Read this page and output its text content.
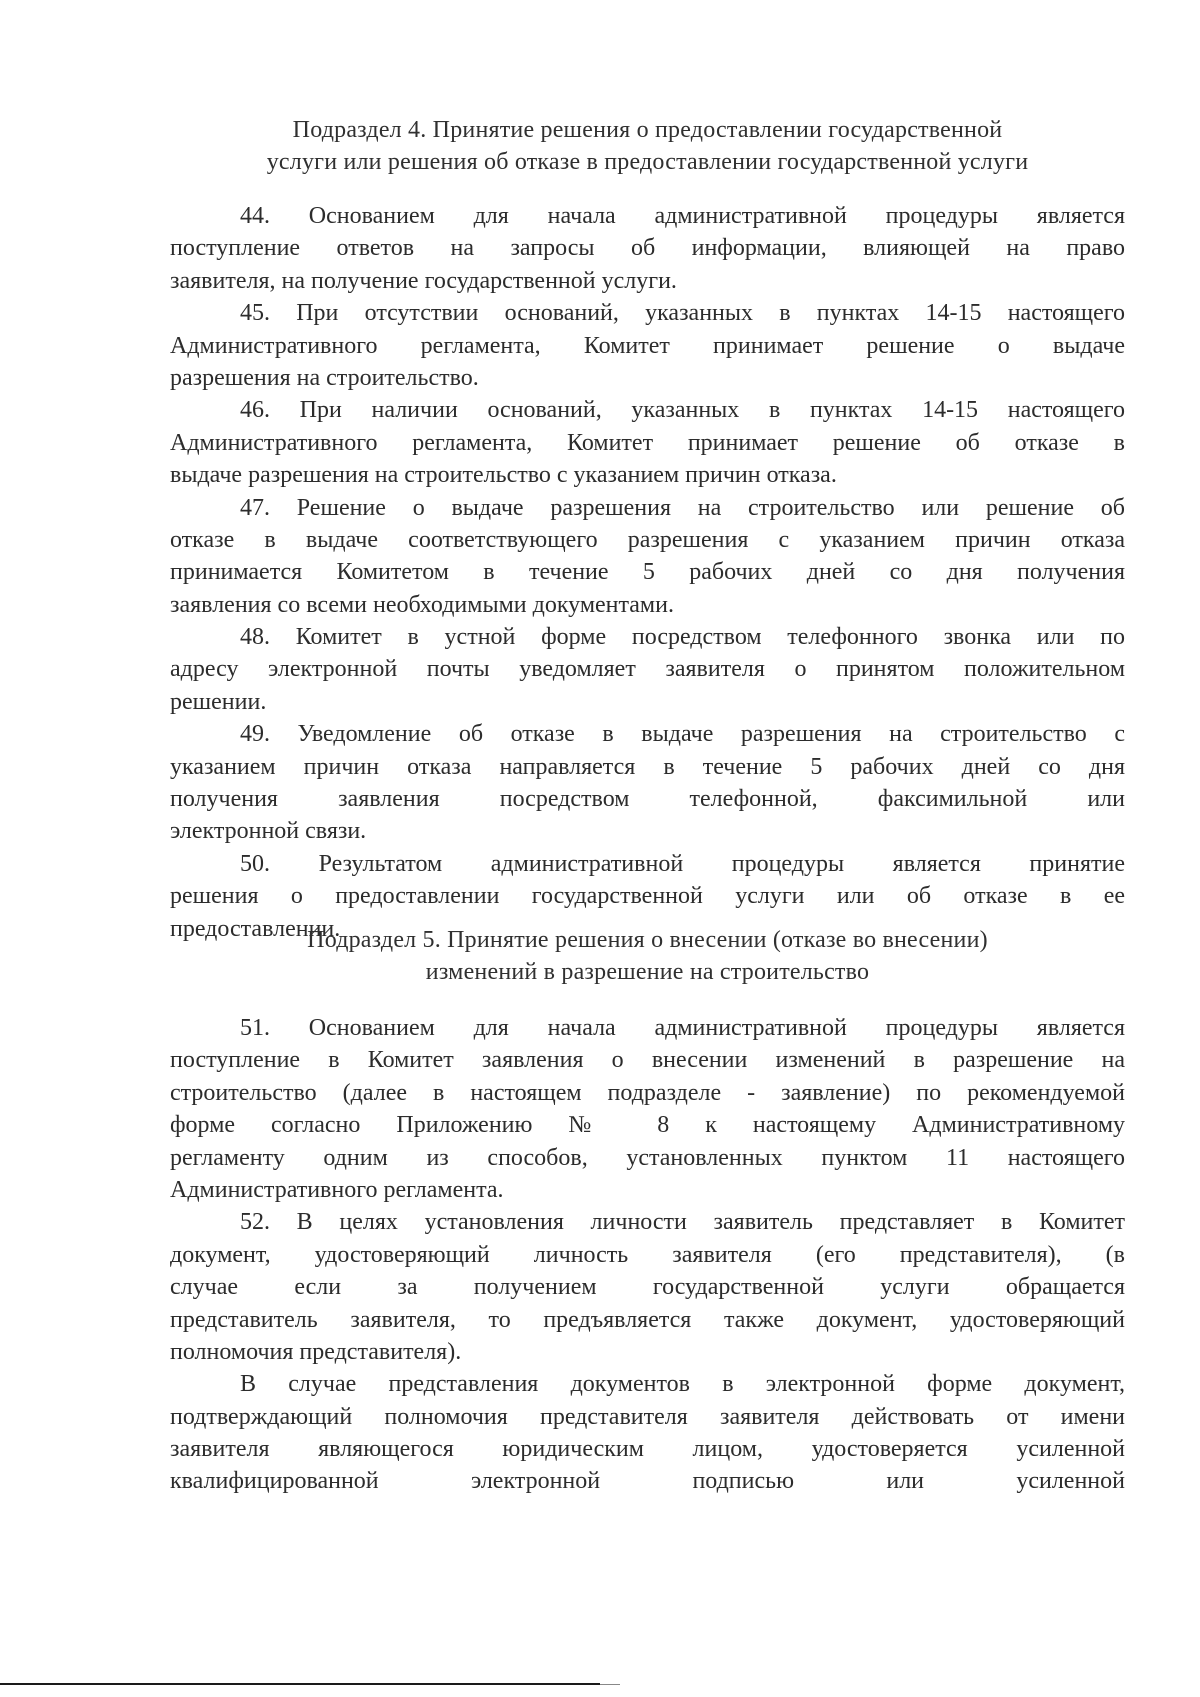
Подраздел 4. Принятие решения о предоставлении государственной
услуги или решения об отказе в предоставлении государственной услуги
44. Основанием для начала административной процедуры является
поступление ответов на запросы об информации, влияющей на право
заявителя, на получение государственной услуги.
45. При отсутствии оснований, указанных в пунктах 14-15 настоящего
Административного регламента, Комитет принимает решение о выдаче
разрешения на строительство.
46. При наличии оснований, указанных в пунктах 14-15 настоящего
Административного регламента, Комитет принимает решение об отказе в
выдаче разрешения на строительство с указанием причин отказа.
47. Решение о выдаче разрешения на строительство или решение об
отказе в выдаче соответствующего разрешения с указанием причин отказа
принимается Комитетом в течение 5 рабочих дней со дня получения
заявления со всеми необходимыми документами.
48. Комитет в устной форме посредством телефонного звонка или по
адресу электронной почты уведомляет заявителя о принятом положительном
решении.
49. Уведомление об отказе в выдаче разрешения на строительство с
указанием причин отказа направляется в течение 5 рабочих дней со дня
получения заявления посредством телефонной, факсимильной или
электронной связи.
50. Результатом административной процедуры является принятие
решения о предоставлении государственной услуги или об отказе в ее
предоставлении.
Подраздел 5. Принятие решения о внесении (отказе во внесении)
изменений в разрешение на строительство
51. Основанием для начала административной процедуры является
поступление в Комитет заявления о внесении изменений в разрешение на
строительство (далее в настоящем подразделе - заявление) по рекомендуемой
форме согласно Приложению № 8 к настоящему Административному
регламенту одним из способов, установленных пунктом 11 настоящего
Административного регламента.
52. В целях установления личности заявитель представляет в Комитет
документ, удостоверяющий личность заявителя (его представителя), (в
случае если за получением государственной услуги обращается
представитель заявителя, то предъявляется также документ, удостоверяющий
полномочия представителя).
В случае представления документов в электронной форме документ,
подтверждающий полномочия представителя заявителя действовать от имени
заявителя являющегося юридическим лицом, удостоверяется усиленной
квалифицированной электронной подписью или усиленной
